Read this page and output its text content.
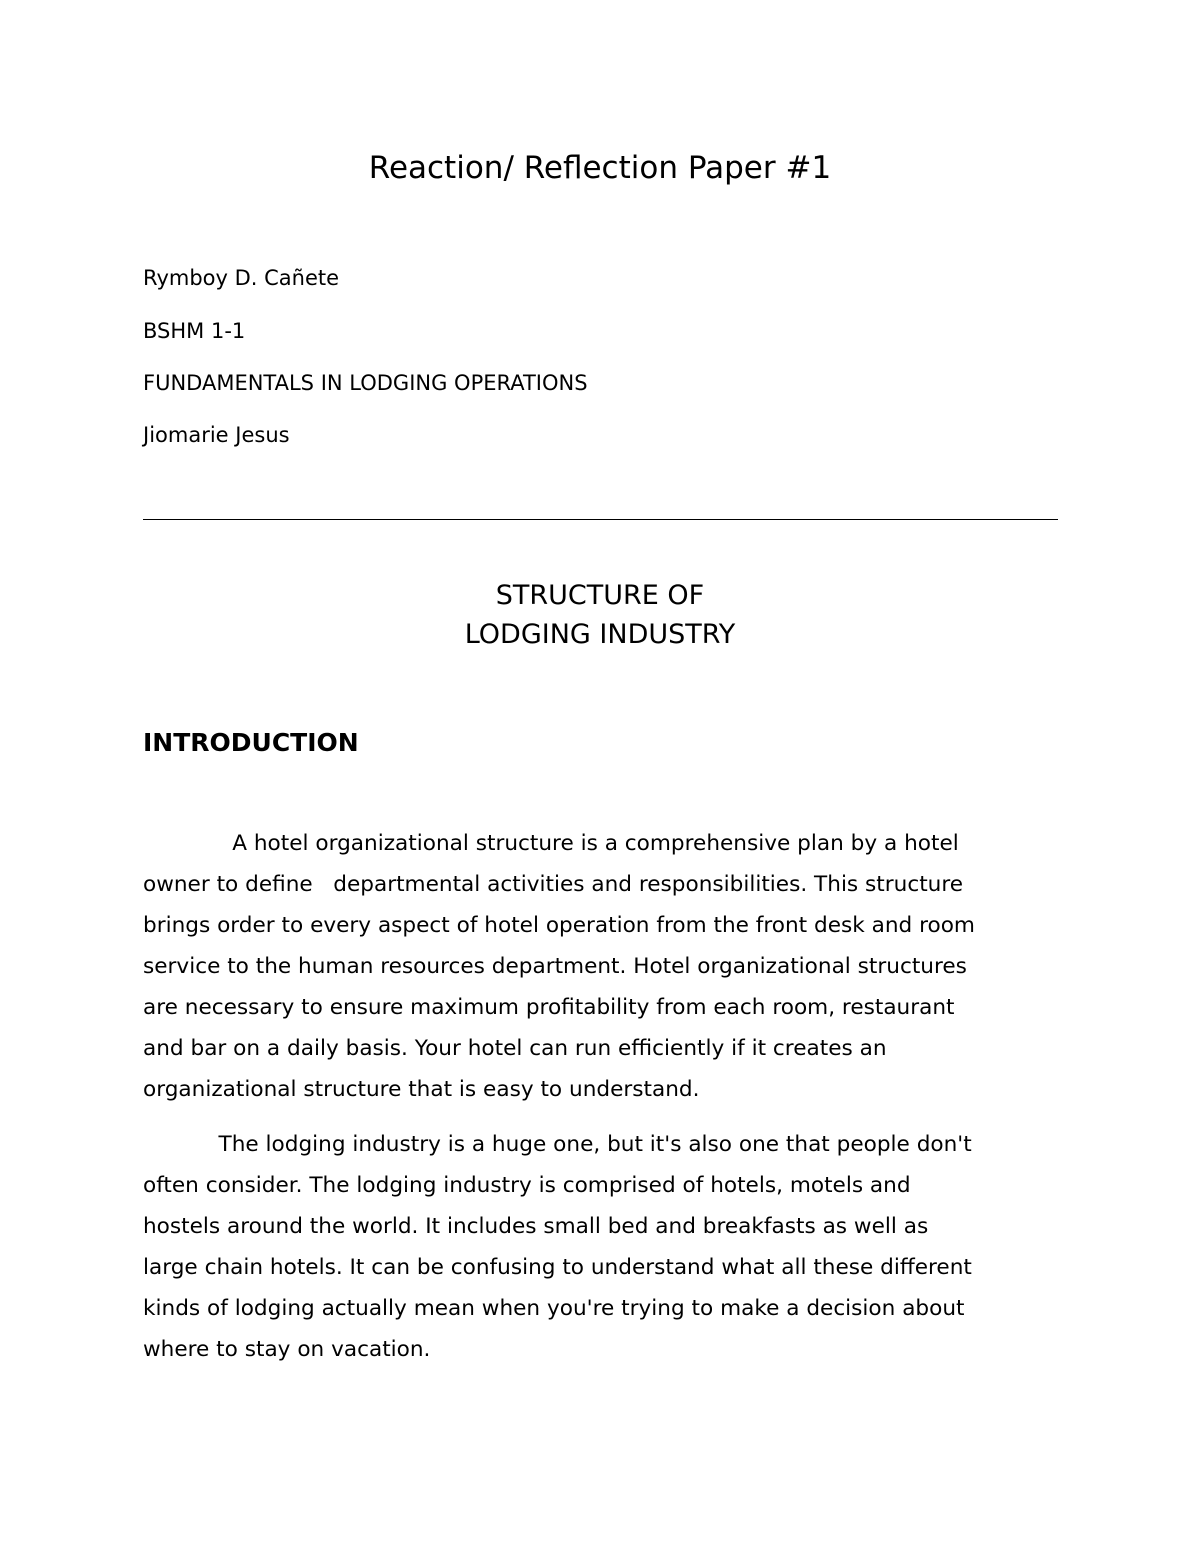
Reaction/ Reflection Paper #1
Rymboy D. Cañete
BSHM 1-1
FUNDAMENTALS IN LODGING OPERATIONS
Jiomarie Jesus
STRUCTURE OF
LODGING INDUSTRY
INTRODUCTION
A hotel organizational structure is a comprehensive plan by a hotel
owner to define   departmental activities and responsibilities. This structure
brings order to every aspect of hotel operation from the front desk and room
service to the human resources department. Hotel organizational structures
are necessary to ensure maximum profitability from each room, restaurant
and bar on a daily basis. Your hotel can run efficiently if it creates an
organizational structure that is easy to understand.
The lodging industry is a huge one, but it's also one that people don't
often consider. The lodging industry is comprised of hotels, motels and
hostels around the world. It includes small bed and breakfasts as well as
large chain hotels. It can be confusing to understand what all these different
kinds of lodging actually mean when you're trying to make a decision about
where to stay on vacation.
